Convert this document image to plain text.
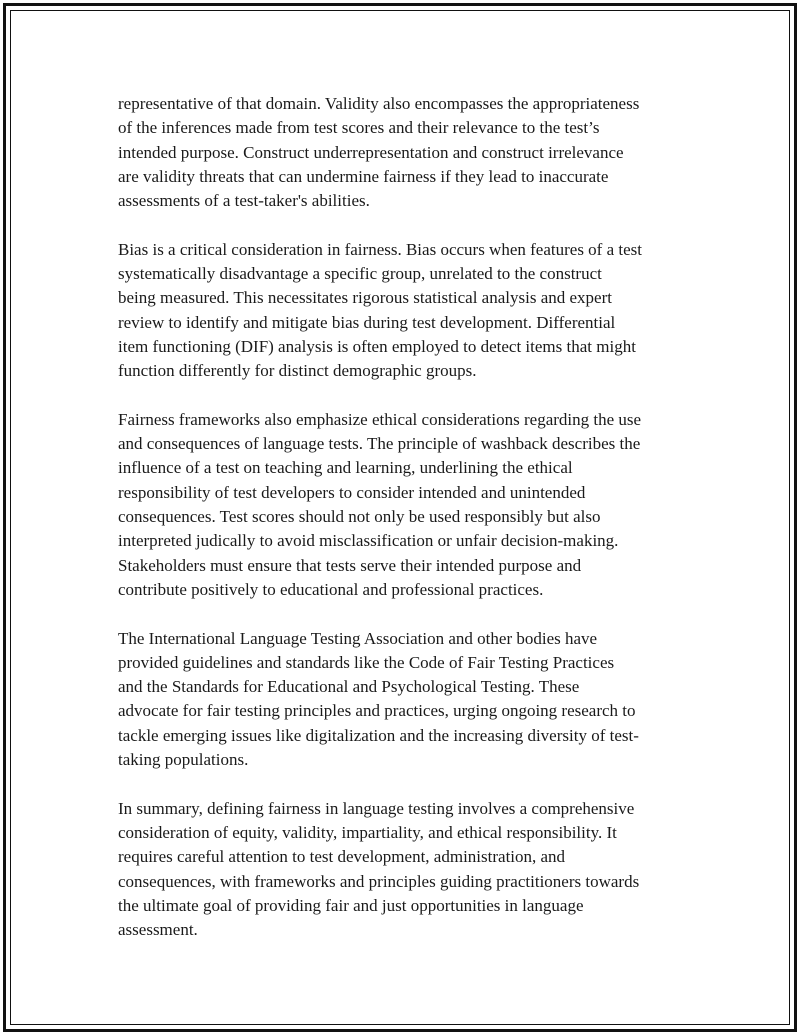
representative of that domain. Validity also encompasses the appropriateness
of the inferences made from test scores and their relevance to the test’s
intended purpose. Construct underrepresentation and construct irrelevance
are validity threats that can undermine fairness if they lead to inaccurate
assessments of a test-taker's abilities.

Bias is a critical consideration in fairness. Bias occurs when features of a test
systematically disadvantage a specific group, unrelated to the construct
being measured. This necessitates rigorous statistical analysis and expert
review to identify and mitigate bias during test development. Differential
item functioning (DIF) analysis is often employed to detect items that might
function differently for distinct demographic groups.

Fairness frameworks also emphasize ethical considerations regarding the use
and consequences of language tests. The principle of washback describes the
influence of a test on teaching and learning, underlining the ethical
responsibility of test developers to consider intended and unintended
consequences. Test scores should not only be used responsibly but also
interpreted judically to avoid misclassification or unfair decision-making.
Stakeholders must ensure that tests serve their intended purpose and
contribute positively to educational and professional practices.

The International Language Testing Association and other bodies have
provided guidelines and standards like the Code of Fair Testing Practices
and the Standards for Educational and Psychological Testing. These
advocate for fair testing principles and practices, urging ongoing research to
tackle emerging issues like digitalization and the increasing diversity of test-
taking populations.

In summary, defining fairness in language testing involves a comprehensive
consideration of equity, validity, impartiality, and ethical responsibility. It
requires careful attention to test development, administration, and
consequences, with frameworks and principles guiding practitioners towards
the ultimate goal of providing fair and just opportunities in language
assessment.
